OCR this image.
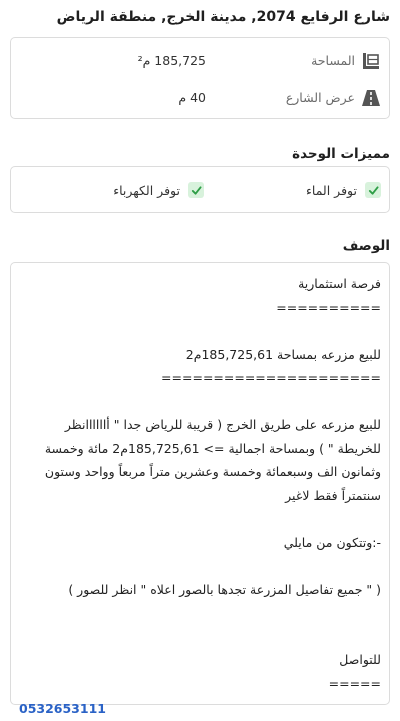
شارع الرفايع 2074, مدينة الخرج, منطقة الرياض
المساحة
185,725 م²
عرض الشارع
40 م
مميزات الوحدة
توفر الماء
توفر الكهرباء
الوصف
فرصة استثمارية
==========
للبيع مزرعه بمساحة 185,725,61م2
=====================
للبيع مزرعه على طريق الخرج ( قريبة للرياض جدا " أاااااانظر للخريطة " ) وبمساحة اجمالية => 185,725,61م2 مائة وخمسة وثمانون الف وسبعمائة وخمسة وعشرين متراً مربعاً وواحد وستون سنتمتراً فقط لاغير
-:وتتكون من مايلي
( " جميع تفاصيل المزرعة تجدها بالصور اعلاه " انظر للصور )
للتواصل
=====
0532653111
